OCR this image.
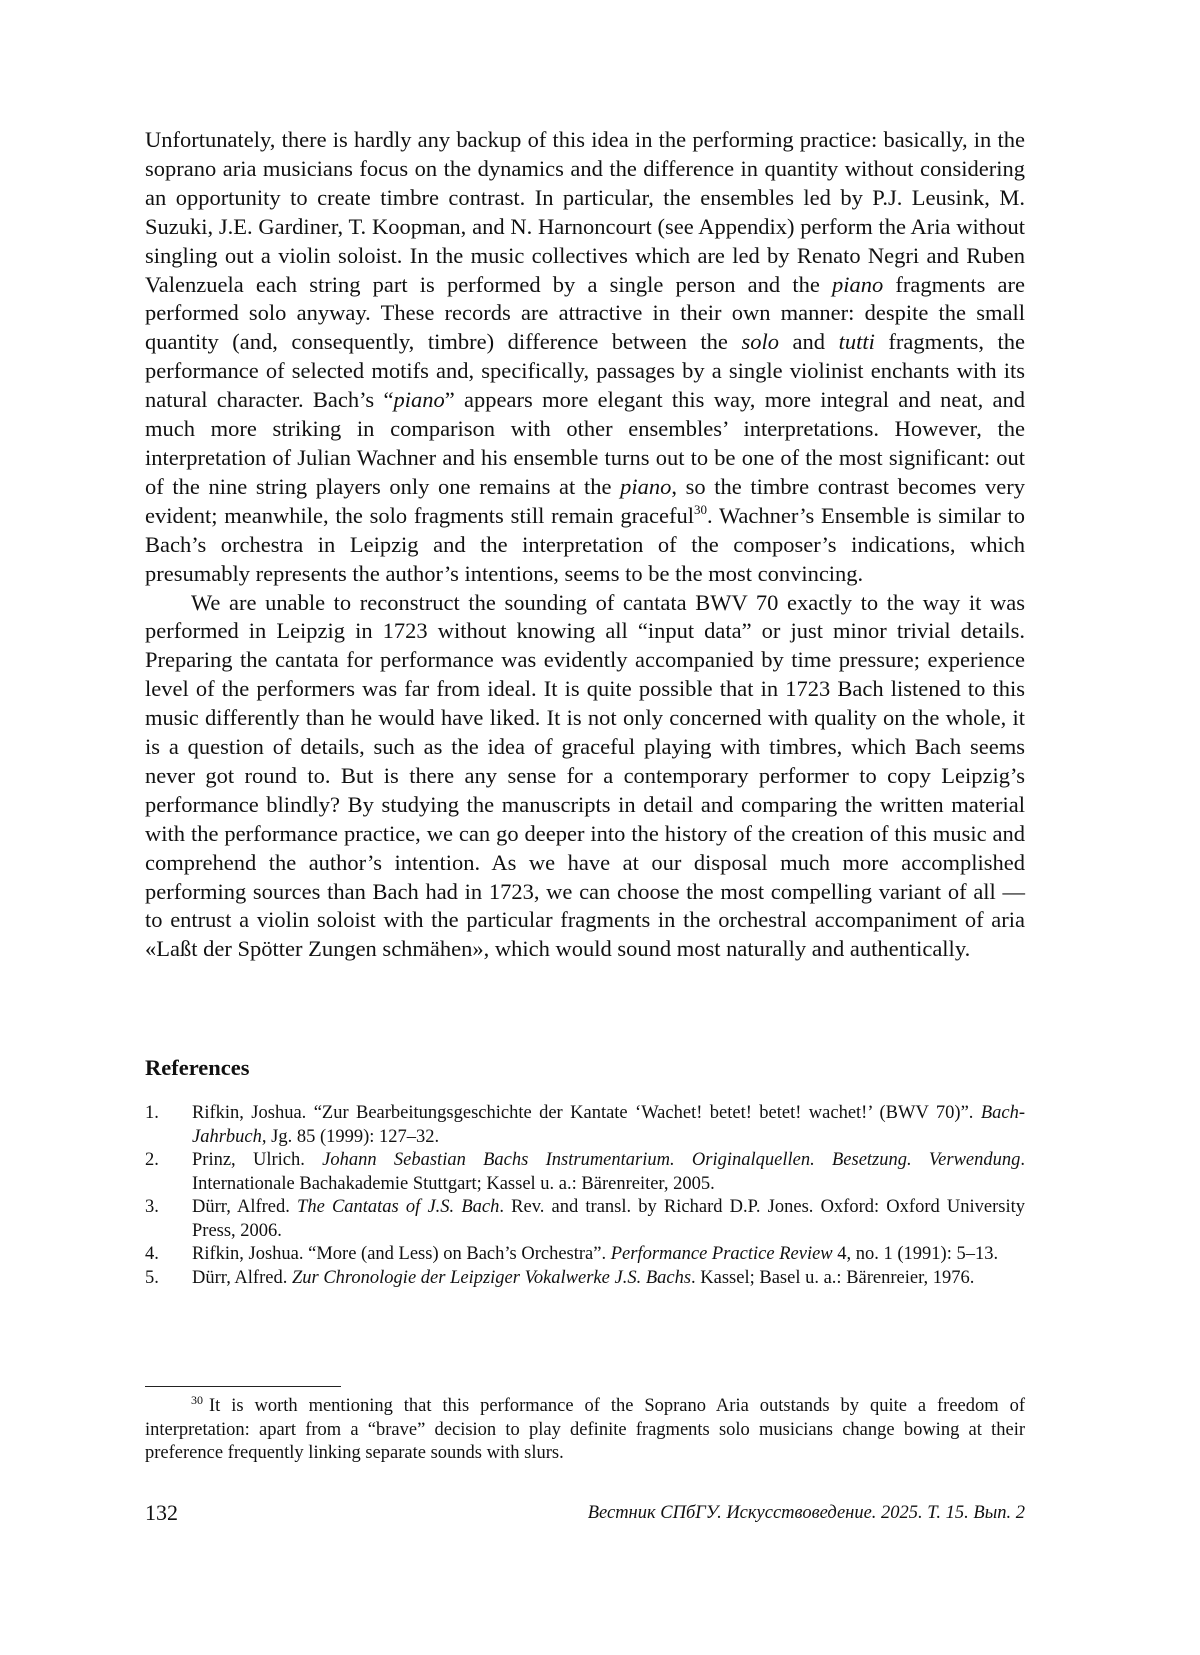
Unfortunately, there is hardly any backup of this idea in the performing practice: basically, in the soprano aria musicians focus on the dynamics and the difference in quantity without considering an opportunity to create timbre contrast. In particular, the ensembles led by P.J. Leusink, M. Suzuki, J.E. Gardiner, T. Koopman, and N. Harnoncourt (see Appendix) perform the Aria without singling out a violin soloist. In the music collectives which are led by Renato Negri and Ruben Valenzuela each string part is performed by a single person and the piano fragments are performed solo anyway. These records are attractive in their own manner: despite the small quantity (and, consequently, timbre) difference between the solo and tutti fragments, the performance of selected motifs and, specifically, passages by a single violinist enchants with its natural character. Bach’s “piano” appears more elegant this way, more integral and neat, and much more striking in comparison with other ensembles’ interpretations. However, the interpretation of Julian Wachner and his ensemble turns out to be one of the most significant: out of the nine string players only one remains at the piano, so the timbre contrast becomes very evident; meanwhile, the solo fragments still remain graceful$^{30}$. Wachner’s Ensemble is similar to Bach’s orchestra in Leipzig and the interpretation of the composer’s indications, which presumably represents the author’s intentions, seems to be the most convincing.

We are unable to reconstruct the sounding of cantata BWV 70 exactly to the way it was performed in Leipzig in 1723 without knowing all “input data” or just minor trivial details. Preparing the cantata for performance was evidently accompanied by time pressure; experience level of the performers was far from ideal. It is quite possible that in 1723 Bach listened to this music differently than he would have liked. It is not only concerned with quality on the whole, it is a question of details, such as the idea of graceful playing with timbres, which Bach seems never got round to. But is there any sense for a contemporary performer to copy Leipzig’s performance blindly? By studying the manuscripts in detail and comparing the written material with the performance practice, we can go deeper into the history of the creation of this music and comprehend the author’s intention. As we have at our disposal much more accomplished performing sources than Bach had in 1723, we can choose the most compelling variant of all — to entrust a violin soloist with the particular fragments in the orchestral accompaniment of aria «Laßt der Spötter Zungen schmähen», which would sound most naturally and authentically.

References
1. Rifkin, Joshua. “Zur Bearbeitungsgeschichte der Kantate ‘Wachet! betet! betet! wachet!’ (BWV 70)”. Bach-Jahrbuch, Jg. 85 (1999): 127–32.
2. Prinz, Ulrich. Johann Sebastian Bachs Instrumentarium. Originalquellen. Besetzung. Verwendung. Internationale Bachakademie Stuttgart; Kassel u. a.: Bärenreiter, 2005.
3. Dürr, Alfred. The Cantatas of J.S. Bach. Rev. and transl. by Richard D.P. Jones. Oxford: Oxford University Press, 2006.
4. Rifkin, Joshua. “More (and Less) on Bach’s Orchestra”. Performance Practice Review 4, no. 1 (1991): 5–13.
5. Dürr, Alfred. Zur Chronologie der Leipziger Vokalwerke J.S. Bachs. Kassel; Basel u. a.: Bärenreier, 1976.
$^{30}$ It is worth mentioning that this performance of the Soprano Aria outstands by quite a freedom of interpretation: apart from a “brave” decision to play definite fragments solo musicians change bowing at their preference frequently linking separate sounds with slurs.
132	Вестник СПбГУ. Искусствоведение. 2025. Т. 15. Вып. 2
